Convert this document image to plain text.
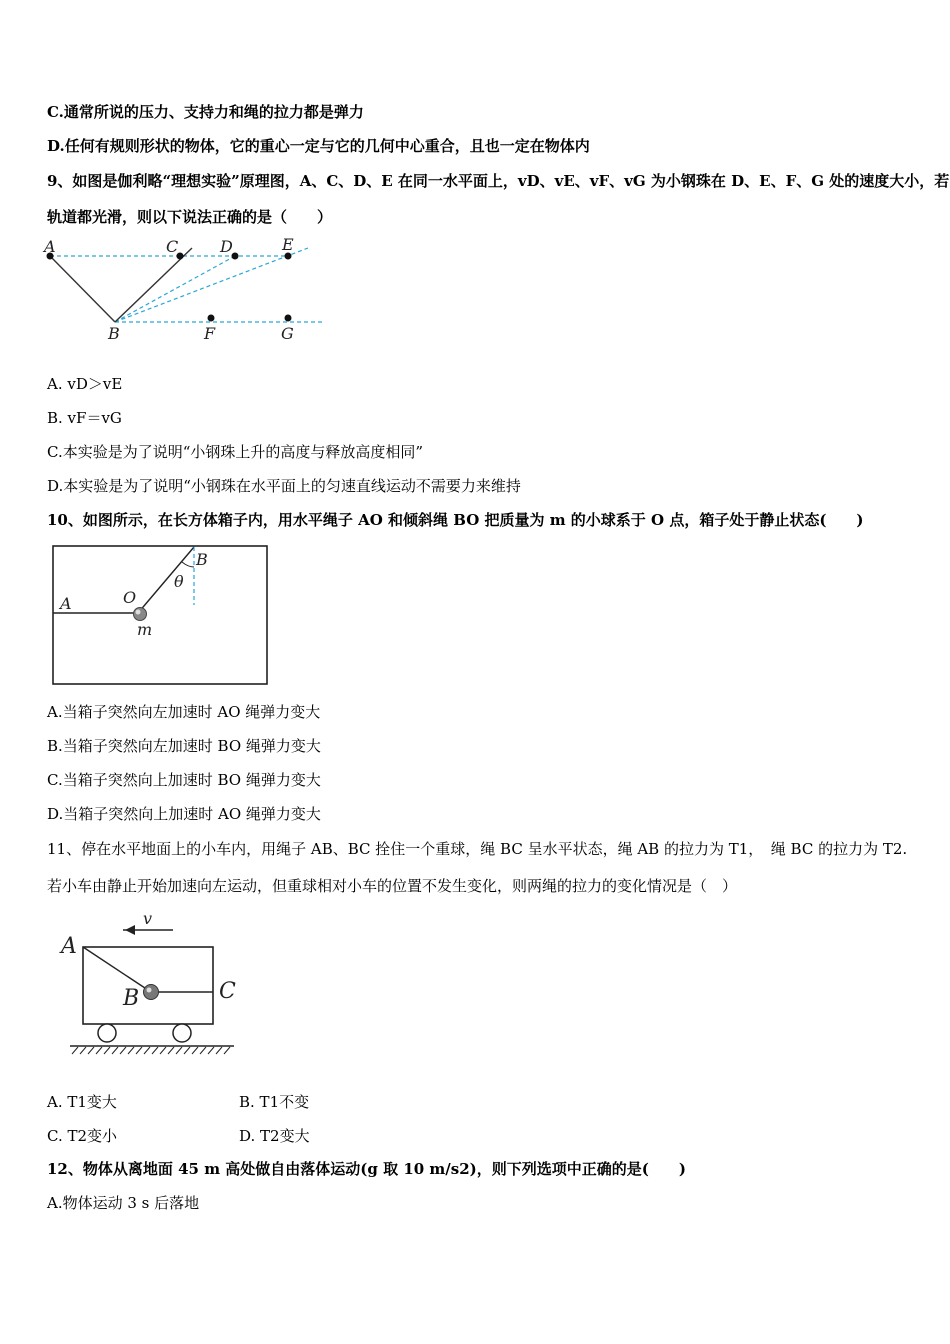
C.通常所说的压力、支持力和绳的拉力都是弹力
D.任何有规则形状的物体，它的重心一定与它的几何中心重合，且也一定在物体内
9、如图是伽利略“理想实验”原理图，A、C、D、E 在同一水平面上，vD、vE、vF、vG 为小钢珠在 D、E、F、G 处的速度大小，若
轨道都光滑，则以下说法正确的是（　　）
A	C	D	E
B	F	G
A. vD＞vE
B. vF＝vG
C.本实验是为了说明“小钢珠上升的高度与释放高度相同”
D.本实验是为了说明“小钢珠在水平面上的匀速直线运动不需要力来维持
10、如图所示，在长方体箱子内，用水平绳子 AO 和倾斜绳 BO 把质量为 m 的小球系于 O 点，箱子处于静止状态(　　)
A	O
B
θ
m
A.当箱子突然向左加速时 AO 绳弹力变大
B.当箱子突然向左加速时 BO 绳弹力变大
C.当箱子突然向上加速时 BO 绳弹力变大
D.当箱子突然向上加速时 AO 绳弹力变大
11、停在水平地面上的小车内，用绳子 AB、BC 拴住一个重球，绳 BC 呈水平状态，绳 AB 的拉力为 T1，　绳 BC 的拉力为 T2.
若小车由静止开始加速向左运动，但重球相对小车的位置不发生变化，则两绳的拉力的变化情况是（　）
v
A
B	C
A. T1变大	B. T1不变
C. T2变小	D. T2变大
12、物体从离地面 45 m 高处做自由落体运动(g 取 10 m/s2)，则下列选项中正确的是(　　)
A.物体运动 3 s 后落地
